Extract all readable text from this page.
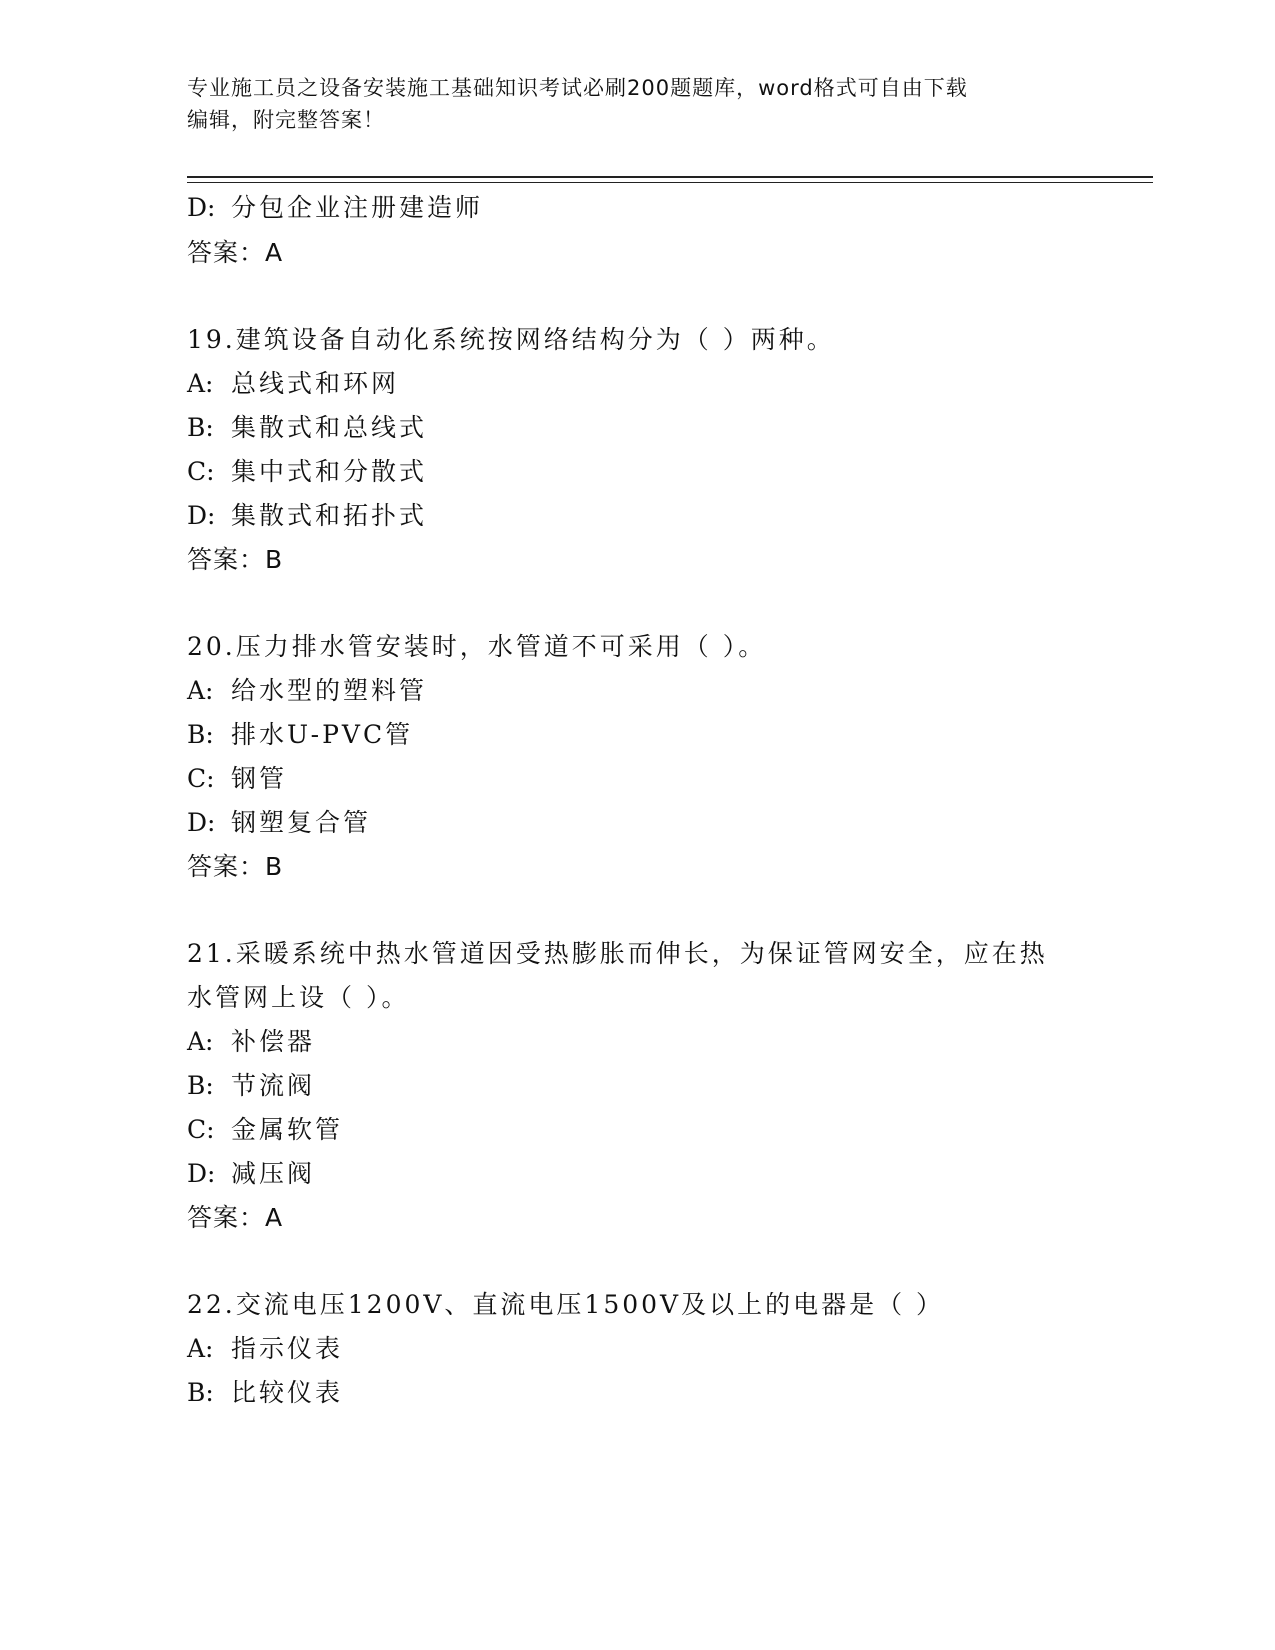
专业施工员之设备安装施工基础知识考试必刷200题题库，word格式可自由下载
编辑，附完整答案！
D: 分包企业注册建造师
答案：A
19.建筑设备自动化系统按网络结构分为（ ）两种。
A: 总线式和环网
B: 集散式和总线式
C: 集中式和分散式
D: 集散式和拓扑式
答案：B
20.压力排水管安装时，水管道不可采用（ ）。
A: 给水型的塑料管
B: 排水U-PVC管
C: 钢管
D: 钢塑复合管
答案：B
21.采暖系统中热水管道因受热膨胀而伸长，为保证管网安全，应在热
水管网上设（ ）。
A: 补偿器
B: 节流阀
C: 金属软管
D: 减压阀
答案：A
22.交流电压1200V、直流电压1500V及以上的电器是（ ）
A: 指示仪表
B: 比较仪表
